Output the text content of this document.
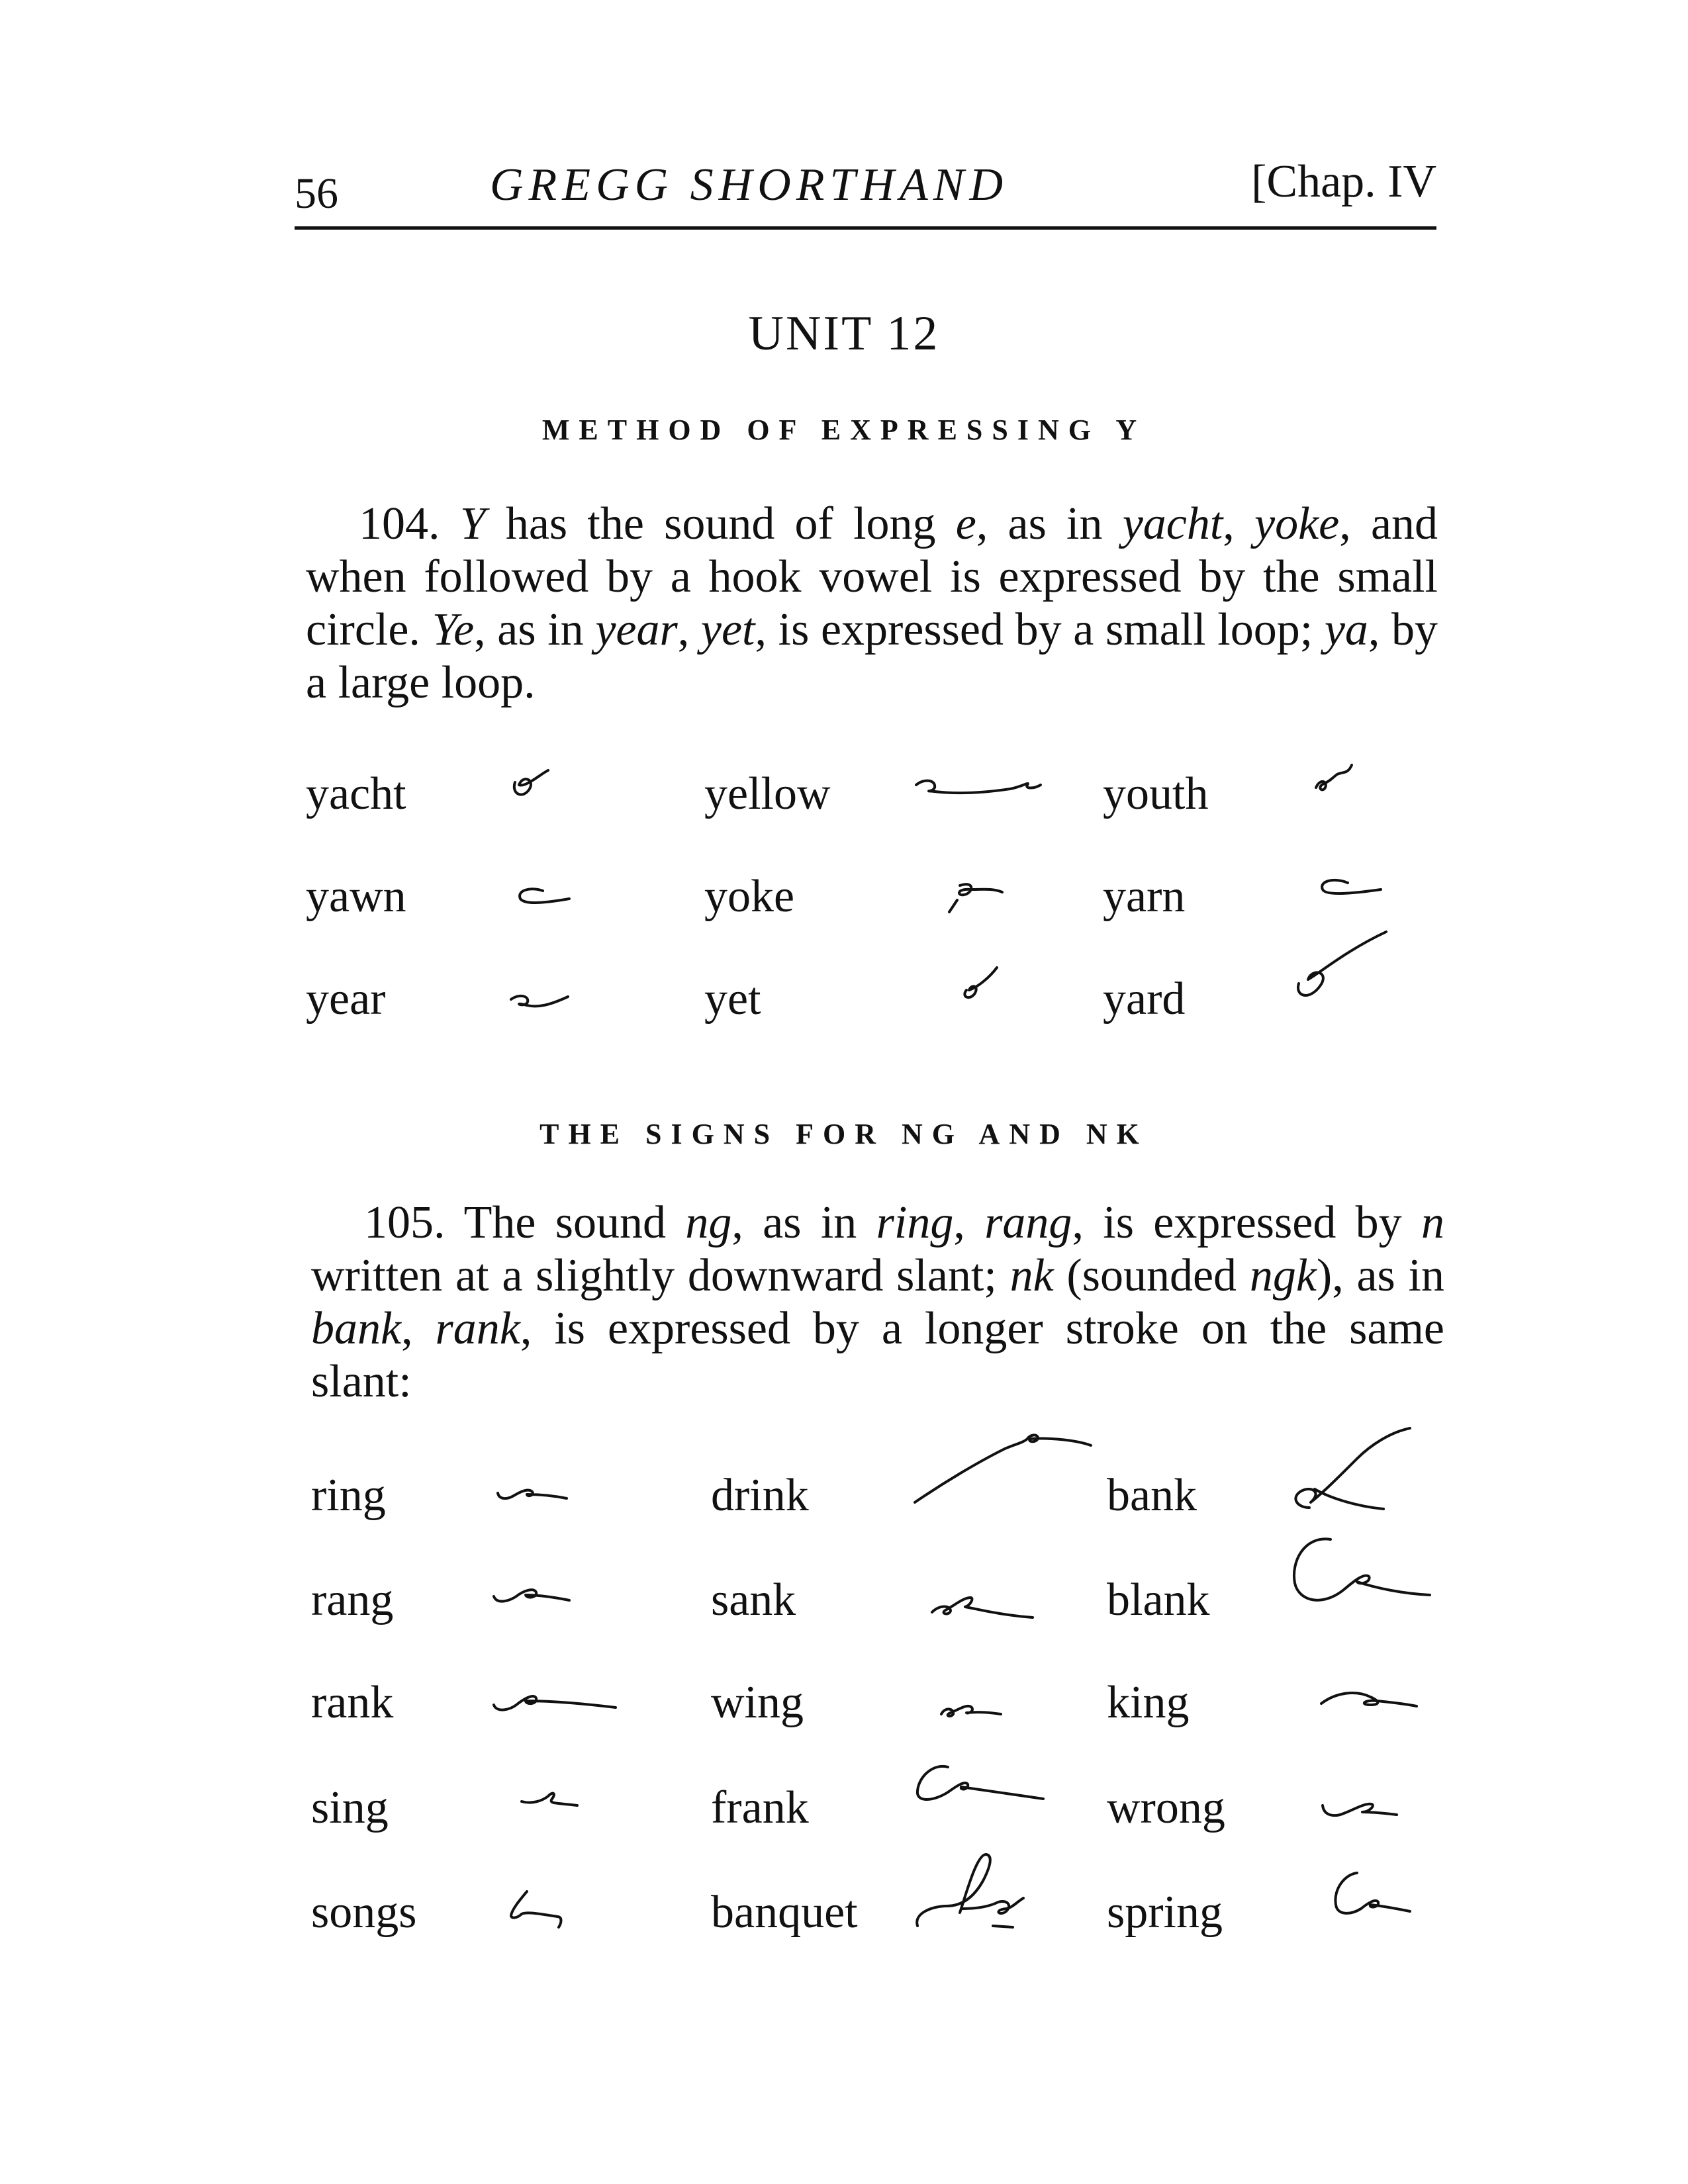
56	GREGG SHORTHAND	[Chap. IV
UNIT 12
METHOD OF EXPRESSING Y
104. Y has the sound of long e, as in yacht, yoke, and when followed by a hook vowel is expressed by the small circle. Ye, as in year, yet, is expressed by a small loop; ya, by a large loop.
yacht
yawn
year
yellow
yoke
yet
youth
yarn
yard
THE SIGNS FOR NG AND NK
105. The sound ng, as in ring, rang, is expressed by n written at a slightly downward slant; nk (sounded ngk), as in bank, rank, is expressed by a longer stroke on the same slant:
ring
rang
rank
sing
songs
drink
sank
wing
frank
banquet
bank
blank
king
wrong
spring
